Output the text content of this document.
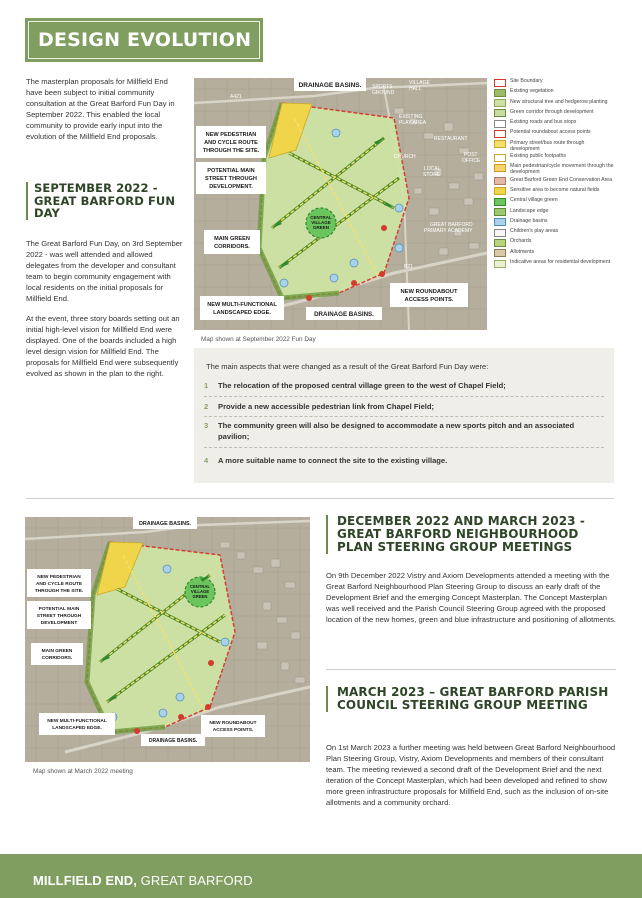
DESIGN EVOLUTION

The masterplan proposals for Millfield End have been subject to initial community consultation at the Great Barford Fun Day in September 2022. This enabled the local community to provide early input into the evolution of the Millfield End proposals.

SEPTEMBER 2022 - GREAT BARFORD FUN DAY

The Great Barford Fun Day, on 3rd September 2022 - was well attended and allowed delegates from the developer and consultant team to begin community engagement with local residents on the initial proposals for Millfield End.

At the event, three story boards setting out an initial high-level vision for Millfield End were displayed. One of the boards included a high level design vision for Millfield End. The proposals for Millfield End were subsequently evolved as shown in the plan to the right.

DRAINAGE BASINS.
NEW PEDESTRIAN
AND CYCLE ROUTE
THROUGH THE SITE.
POTENTIAL MAIN
STREET THROUGH
DEVELOPMENT.
MAIN GREEN
CORRIDORS.
NEW MULTI-FUNCTIONAL
LANDSCAPED EDGE.	DRAINAGE BASINS.
NEW ROUNDABOUT
ACCESS POINTS.
CENTRAL
VILLAGE
GREEN
VILLAGE
HALL
SPORTS
GROUND
EXISTING
PLAY AREA
RESTAURANT
CHURCH	POST
OFFICE
LOCAL
STORE
GREAT BARFORD
PRIMARY ACADEMY
B21
A421
Map shown at September 2022 Fun Day
Site Boundary
Existing vegetation
New structural tree and hedgerow planting
Green corridor through development
Existing roads and bus stops
Potential roundabout access points
Primary street/bus route through development
Existing public footpaths
Main pedestrian/cycle movement through the development
Great Barford Green End Conservation Area
Sensitive area to become natural fields
Central village green
Landscape edge
Drainage basins
Children's play areas
Orchards
Allotments
Indicative areas for residential development
The main aspects that were changed as a result of the Great Barford Fun Day were:
1	The relocation of the proposed central village green to the west of Chapel Field;
2	Provide a new accessible pedestrian link from Chapel Field;
3	The community green will also be designed to accommodate a new sports pitch and an associated pavilion;
4	A more suitable name to connect the site to the existing village.
DRAINAGE BASINS.
NEW PEDESTRIAN
AND CYCLE ROUTE
THROUGH THE SITE.
POTENTIAL MAIN
STREET THROUGH
DEVELOPMENT
MAIN GREEN
CORRIDORS.
NEW MULTI-FUNCTIONAL
LANDSCAPED EDGE.
DRAINAGE BASINS.
NEW ROUNDABOUT
ACCESS POINTS.
CENTRAL
VILLAGE
GREEN
Map shown at March 2022 meeting
DECEMBER 2022 AND MARCH 2023 - GREAT BARFORD NEIGHBOURHOOD PLAN STEERING GROUP MEETINGS

On 9th December 2022 Vistry and Axiom Developments attended a meeting with the Great Barford Neighbourhood Plan Steering Group to discuss an early draft of the Development Brief and the emerging Concept Masterplan. The Concept Masterplan was well received and the Parish Council Steering Group agreed with the proposed location of the new homes, green and blue infrastructure and positioning of allotments.

MARCH 2023 – GREAT BARFORD PARISH COUNCIL STEERING GROUP MEETING

On 1st March 2023 a further meeting was held between Great Barford Neighbourhood Plan Steering Group, Vistry, Axiom Developments and members of their consultant team. The meeting reviewed a second draft of the Development Brief and the next iteration of the Concept Masterplan, which had been developed and refined to show more green infrastructure proposals for Millfield End, such as the inclusion of on-site allotments and a community orchard.

MILLFIELD END, GREAT BARFORD
